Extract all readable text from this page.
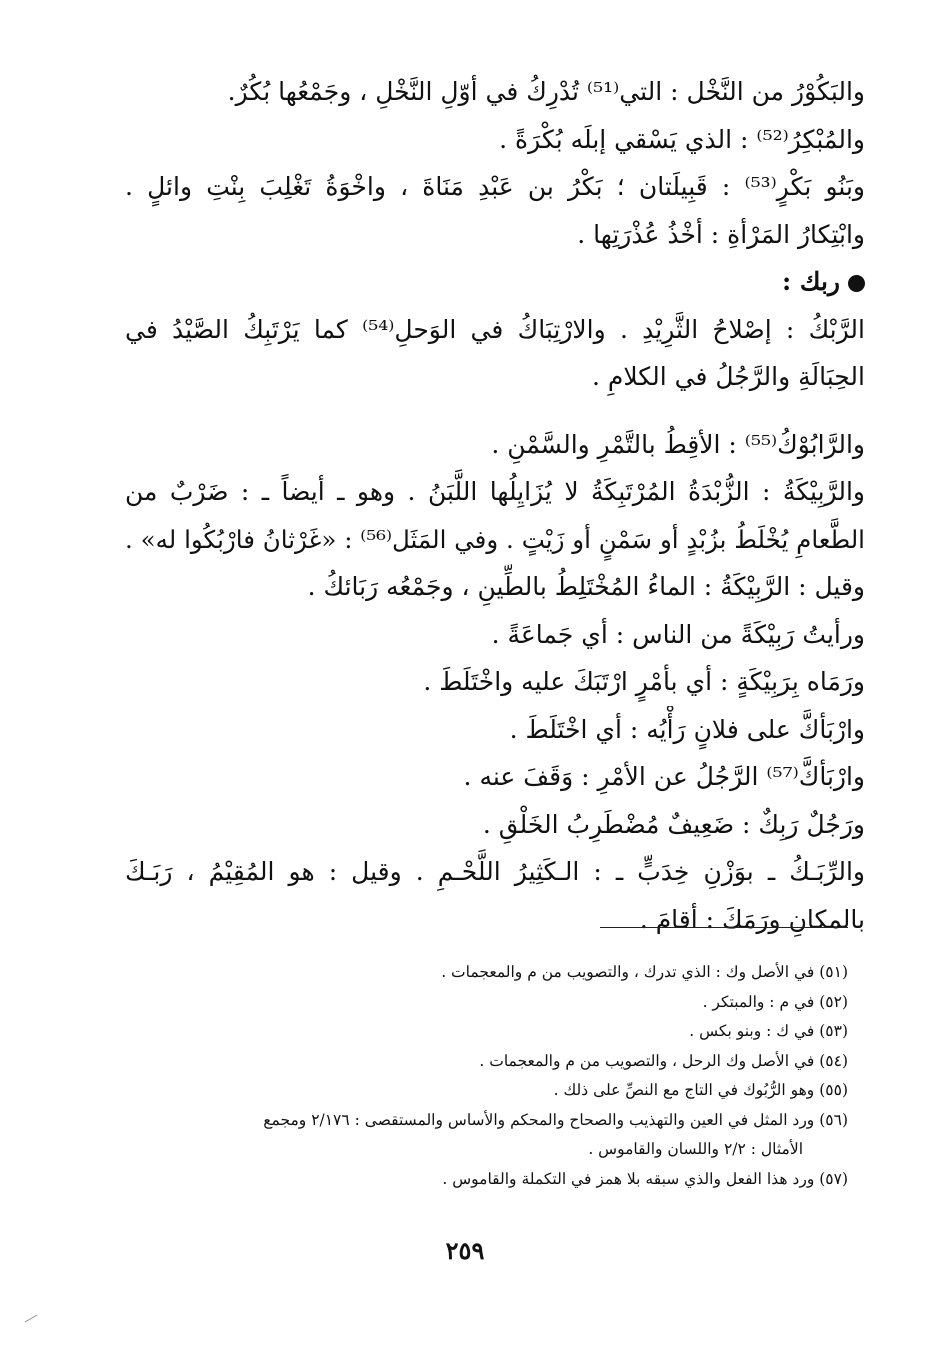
والبَكُوْرُ من النَّخْل : التي⁽⁵¹⁾ تُدْرِكُ في أوّلِ النَّخْلِ ، وجَمْعُها بُكُرٌ.
والمُبْكِرُ⁽⁵²⁾ : الذي يَسْقي إبلَه بُكْرَةً .
وبَنُو بَكْرٍ⁽⁵³⁾ : قَبِيلَتان ؛ بَكْرُ بن عَبْدِ مَنَاةَ ، واخْوَةُ تَغْلِبَ بِنْتِ وائلٍ .
وابْتِكارُ المَرْأةِ : أخْذُ عُذْرَتِها .
ربك :
الرَّبْكُ : إصْلاحُ الثَّرِيْدِ . والارْتِبَاكُ في الوَحلِ⁽⁵⁴⁾ كما يَرْتَبِكُ الصَّيْدُ في
الحِبَالَةِ والرَّجُلُ في الكلامِ .
والرَّابُوْكُ⁽⁵⁵⁾ : الأقِطُ بالتَّمْرِ والسَّمْنِ .
والرَّبِيْكَةُ : الزُّبْدَةُ المُرْتَبِكَةُ لا يُزَايِلُها اللَّبَنُ . وهو ـ أيضاً ـ : ضَرْبٌ من
الطَّعامِ يُخْلَطُ بزُبْدٍ أو سَمْنٍ أو زَيْتٍ . وفي المَثَل⁽⁵⁶⁾ : «غَرْثانُ فارْبُكُوا له» .
وقيل : الرَّبِيْكَةُ : الماءُ المُخْتَلِطُ بالطِّينِ ، وجَمْعُه رَبَائكُ .
ورأيتُ رَبِيْكَةً من الناس : أي جَماعَةً .
ورَمَاه بِرَبِيْكَةٍ : أي بأمْرٍ ارْتَبَكَ عليه واخْتَلَطَ .
وارْبَأكَّ على فلانٍ رَأْيُه : أي اخْتَلَطَ .
وارْبَأكَّ⁽⁵⁷⁾ الرَّجُلُ عن الأمْرِ : وَقَفَ عنه .
ورَجُلٌ رَبِكٌ : ضَعِيفٌ مُضْطَرِبُ الخَلْقِ .
والرِّبَـكُ ـ بوَزْنِ خِدَبٍّ ـ : الـكَثِيرُ اللَّحْـمِ . وقيل : هو المُقِيْمُ ، رَبَـكَ
بالمكانِ ورَمَكَ : أقامَ .
(٥١) في الأصل وك : الذي تدرك ، والتصويب من م والمعجمات .
(٥٢) في م : والمبتكر .
(٥٣) في ك : وبنو بكس .
(٥٤) في الأصل وك الرحل ، والتصويب من م والمعجمات .
(٥٥) وهو الرُّبُوك في التاج مع النصِّ على ذلك .
(٥٦) ورد المثل في العين والتهذيب والصحاح والمحكم والأساس والمستقصى : ٢/١٧٦ ومجمع
الأمثال : ٢/٢ واللسان والقاموس .
(٥٧) ورد هذا الفعل والذي سبقه بلا همز في التكملة والقاموس .
٢٥٩
